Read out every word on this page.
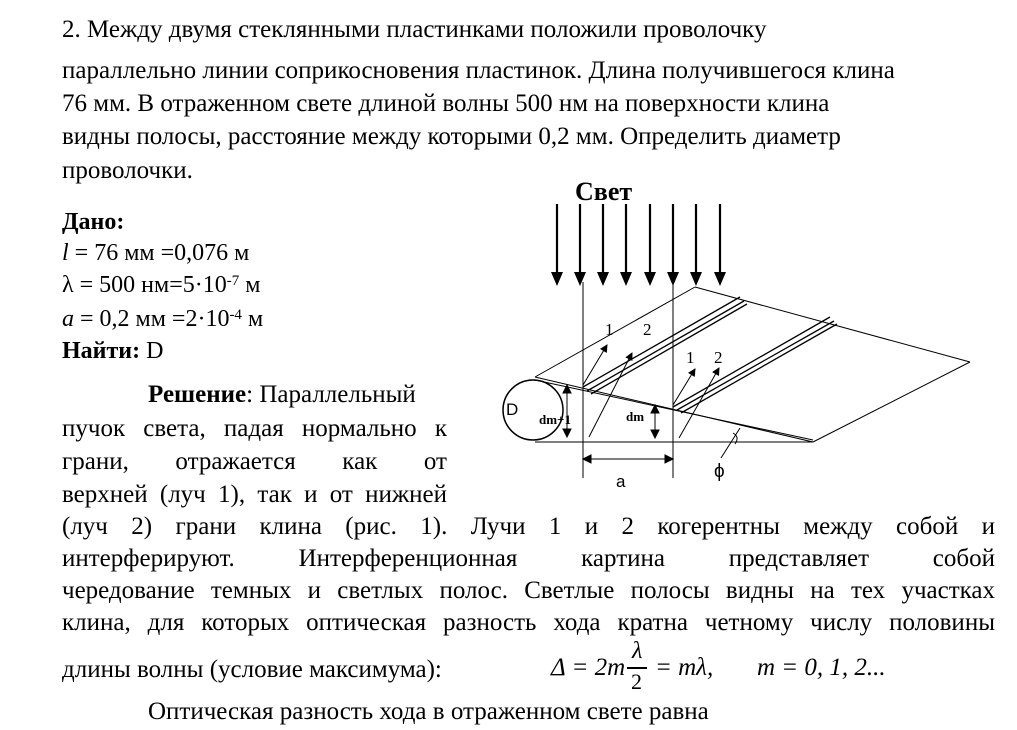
2. Между двумя стеклянными пластинками положили проволочку
параллельно линии соприкосновения пластинок. Длина получившегося клина
76 мм. В отраженном свете длиной волны 500 нм на поверхности клина
видны полосы, расстояние между которыми 0,2 мм. Определить диаметр
проволочки.
Дано:
l = 76 мм =0,076 м
λ = 500 $нм=5\cdot 10^{-7}$ м
a = 0,2 мм $=2\cdot 10^{-4}$ м
Найти: D
Решение: Параллельный
пучок света, падая нормально к
грани, отражается как от
верхней (луч 1), так и от нижней
(луч 2) грани клина (рис. 1). Лучи 1 и 2 когерентны между собой и
интерферируют. Интерференционная картина представляет собой
чередование темных и светлых полос. Светлые полосы видны на тех участках
клина, для которых оптическая разность хода кратна четному числу половины
длины волны (условие максимума):	Δ = 2m
λ
2
= mλ, m = 0, 1, 2...
Оптическая разность хода в отраженном свете равна
Свет
D
dm+1	dm
1 2
1 2
a	ϕ
